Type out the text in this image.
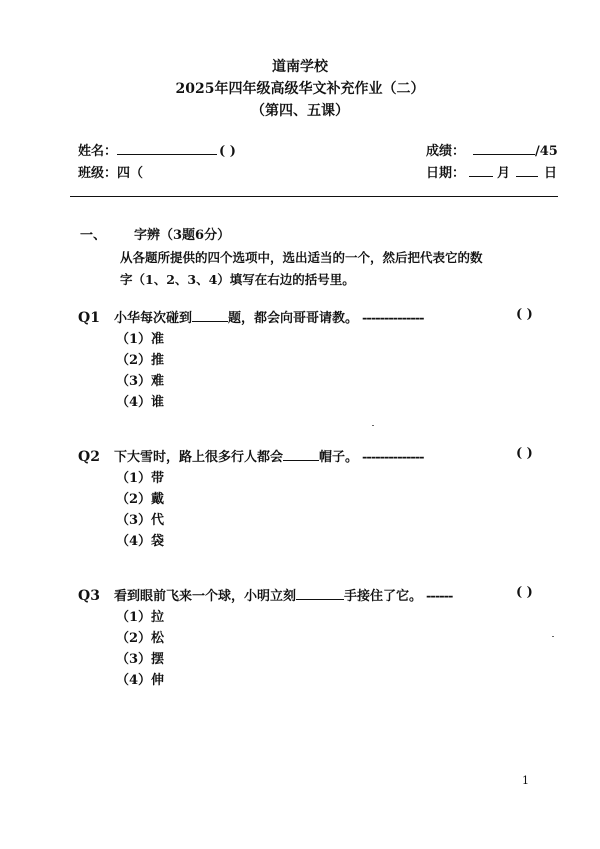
道南学校
2025年四年级高级华文补充作业（二）
（第四、五课）
姓名：	( )
班级：四（
成绩：	/45
日期： 月	日
一、 字辨（3题6分）
从各题所提供的四个选项中，选出适当的一个，然后把代表它的数
字（1、2、3、4）填写在右边的括号里。
Q1 小华每次碰到	题，都会向哥哥请教。 --------------	( )
（1）准
（2）推
（3）难
（4）谁
Q2 下大雪时，路上很多行人都会	帽子。 --------------	( )
（1）带
（2）戴
（3）代
（4）袋
Q3 看到眼前飞来一个球，小明立刻	手接住了它。 ------	( )
（1）拉
（2）松
（3）摆
（4）伸
1
